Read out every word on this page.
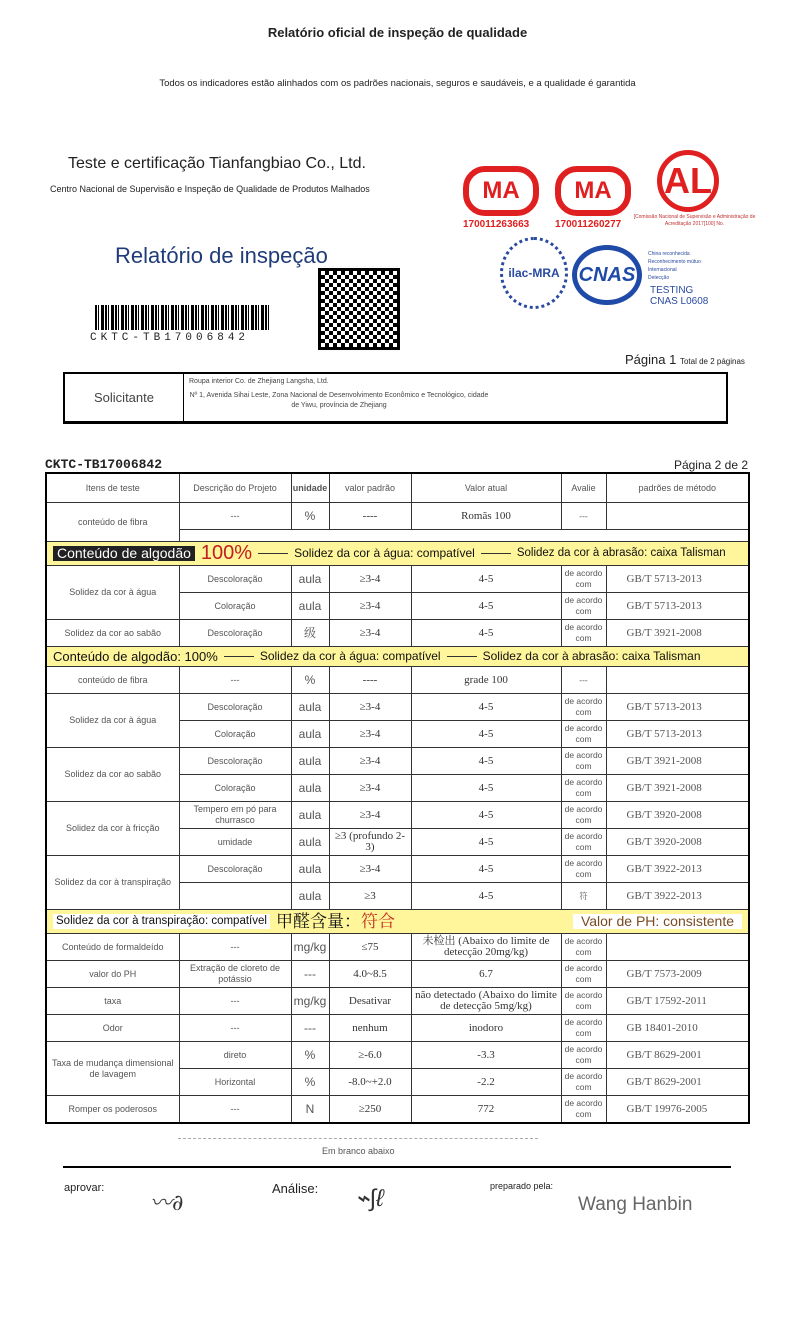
Relatório oficial de inspeção de qualidade
Todos os indicadores estão alinhados com os padrões nacionais, seguros e saudáveis, e a qualidade é garantida
Teste e certificação Tianfangbiao Co., Ltd.
Centro Nacional de Supervisão e Inspeção de Qualidade de Produtos Malhados
Relatório de inspeção
CKTC-TB17006842
MA
170011263663
MA
170011260277
AL
[Comissão Nacional de Supervisão e Administração de Acreditação 2017[100] No.
ilac-MRA CNAS
China reconhecida
Reconhecimento mútuo
Internacional
Detecção
TESTING
CNAS L0608
Página 1 Total de 2 páginas
Solicitante
Roupa interior Co. de Zhejiang Langsha, Ltd.
Nº 1, Avenida Sihai Leste, Zona Nacional de Desenvolvimento Econômico e Tecnológico, cidade de Yiwu, província de Zhejiang
CKTC-TB17006842	Página 2 de 2
Itens de teste	Descrição do Projeto	unidade	valor padrão	Valor atual	Avalie	padrões de método
conteúdo de fibra	---	%	----	Romãs 100	---	

Conteúdo de algodão 100% Solidez da cor à água: compatível Solidez da cor à abrasão: caixa Talisman						

Solidez da cor à água	Descoloração	aula	≥3-4	4-5	de acordo com	GB/T 5713-2013
	Coloração	aula	≥3-4	4-5	de acordo com	GB/T 5713-2013
Solidez da cor ao sabão	Descoloração	级	≥3-4	4-5	de acordo com	GB/T 3921-2008

Conteúdo de algodão: 100% Solidez da cor à água: compatível Solidez da cor à abrasão: caixa Talisman						

conteúdo de fibra	---	%	----	grade 100	---	
Solidez da cor à água	Descoloração	aula	≥3-4	4-5	de acordo com	GB/T 5713-2013
	Coloração	aula	≥3-4	4-5	de acordo com	GB/T 5713-2013
Solidez da cor ao sabão	Descoloração	aula	≥3-4	4-5	de acordo com	GB/T 3921-2008
	Coloração	aula	≥3-4	4-5	de acordo com	GB/T 3921-2008
Solidez da cor à fricção	Tempero em pó para churrasco	aula	≥3-4	4-5	de acordo com	GB/T 3920-2008
	umidade	aula	≥3 (profundo 2-3)	4-5	de acordo com	GB/T 3920-2008
Solidez da cor à transpiração	Descoloração	aula	≥3-4	4-5	de acordo com	GB/T 3922-2013
		aula	≥3	4-5	符	GB/T 3922-2013

Solidez da cor à transpiração: compatível 甲醛含量：符合 Valor de PH: consistente						

Conteúdo de formaldeído	---	mg/kg	≤75	未检出 (Abaixo do limite de detecção 20mg/kg)	de acordo com	
valor do PH	Extração de cloreto de potássio	---	4.0~8.5	6.7	de acordo com	GB/T 7573-2009
taxa	---	mg/kg	Desativar	não detectado (Abaixo do limite de detecção 5mg/kg)	de acordo com	GB/T 17592-2011
Odor	---	---	nenhum	inodoro	de acordo com	GB 18401-2010
Taxa de mudança dimensional de lavagem	direto	%	≥-6.0	-3.3	de acordo com	GB/T 8629-2001
	Horizontal	%	-8.0~+2.0	-2.2	de acordo com	GB/T 8629-2001
Romper os poderosos	---	N	≥250	772	de acordo com	GB/T 19976-2005
Em branco abaixo
aprovar:
〰∂
Análise: ⌁∫ℓ	preparado pela:
Wang Hanbin
